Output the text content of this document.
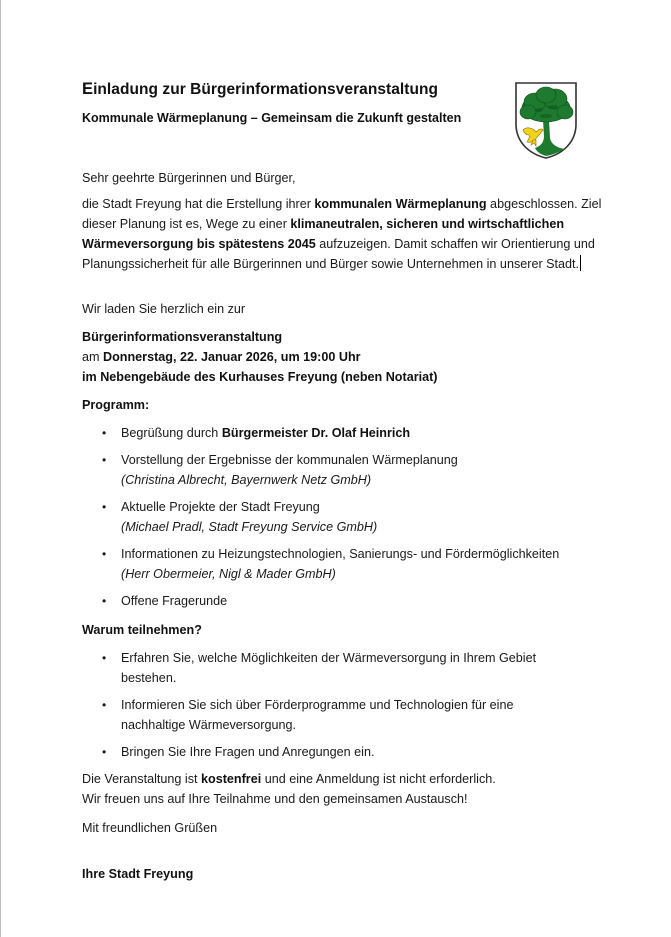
Einladung zur Bürgerinformationsveranstaltung
Kommunale Wärmeplanung – Gemeinsam die Zukunft gestalten
Sehr geehrte Bürgerinnen und Bürger,
die Stadt Freyung hat die Erstellung ihrer kommunalen Wärmeplanung abgeschlossen. Ziel dieser Planung ist es, Wege zu einer klimaneutralen, sicheren und wirtschaftlichen Wärmeversorgung bis spätestens 2045 aufzuzeigen. Damit schaffen wir Orientierung und Planungssicherheit für alle Bürgerinnen und Bürger sowie Unternehmen in unserer Stadt.
Wir laden Sie herzlich ein zur
Bürgerinformationsveranstaltung
am Donnerstag, 22. Januar 2026, um 19:00 Uhr
im Nebengebäude des Kurhauses Freyung (neben Notariat)
Programm:
• Begrüßung durch Bürgermeister Dr. Olaf Heinrich
• Vorstellung der Ergebnisse der kommunalen Wärmeplanung
(Christina Albrecht, Bayernwerk Netz GmbH)
• Aktuelle Projekte der Stadt Freyung
(Michael Pradl, Stadt Freyung Service GmbH)
• Informationen zu Heizungstechnologien, Sanierungs- und Fördermöglichkeiten
(Herr Obermeier, Nigl & Mader GmbH)
• Offene Fragerunde
Warum teilnehmen?
• Erfahren Sie, welche Möglichkeiten der Wärmeversorgung in Ihrem Gebiet bestehen.
• Informieren Sie sich über Förderprogramme und Technologien für eine nachhaltige Wärmeversorgung.
• Bringen Sie Ihre Fragen und Anregungen ein.
Die Veranstaltung ist kostenfrei und eine Anmeldung ist nicht erforderlich.
Wir freuen uns auf Ihre Teilnahme und den gemeinsamen Austausch!
Mit freundlichen Grüßen
Ihre Stadt Freyung
